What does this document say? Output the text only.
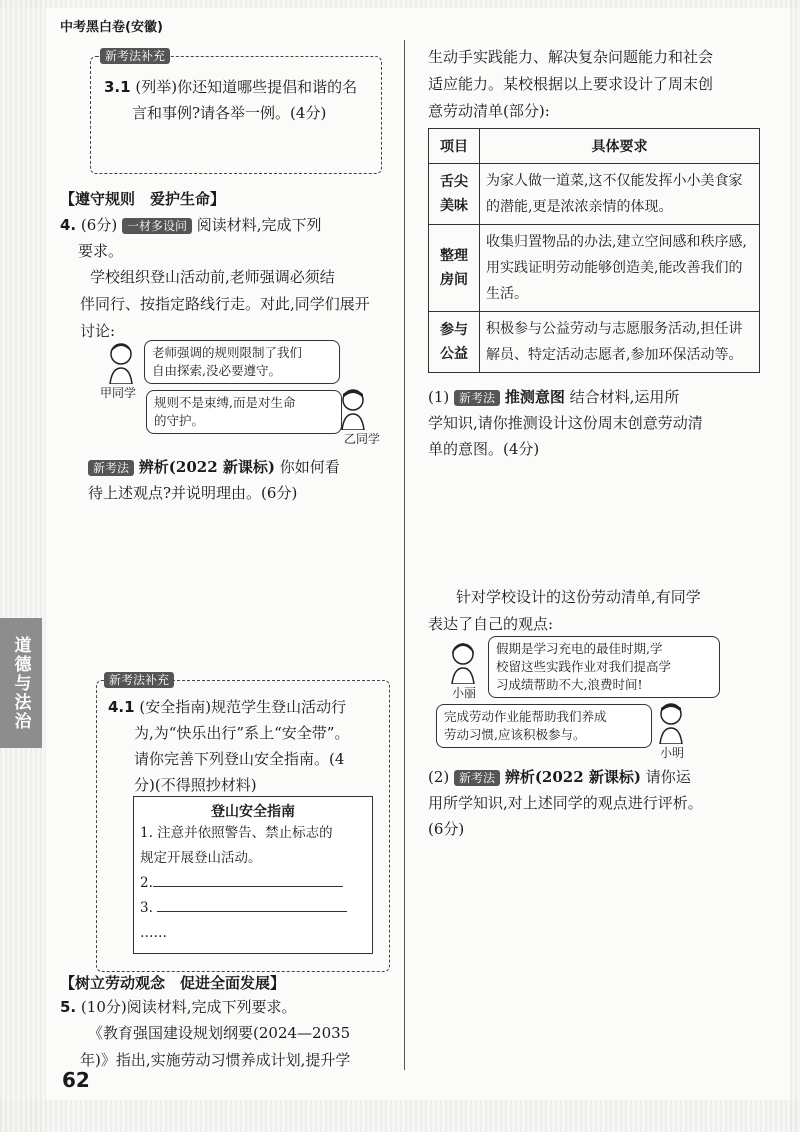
中考黑白卷(安徽)
道德与法治
新考法补充
3.1 (列举)你还知道哪些提倡和谐的名
言和事例?请各举一例。(4分)
【遵守规则　爱护生命】
4. (6分) 一材多设问 阅读材料,完成下列
要求。
学校组织登山活动前,老师强调必须结
伴同行、按指定路线行走。对此,同学们展开
讨论:
甲同学
老师强调的规则限制了我们
自由探索,没必要遵守。
规则不是束缚,而是对生命
的守护。
乙同学
新考法 辨析(2022 新课标) 你如何看
待上述观点?并说明理由。(6分)
新考法补充
4.1 (安全指南)规范学生登山活动行
为,为“快乐出行”系上“安全带”。
请你完善下列登山安全指南。(4
分)(不得照抄材料)
登山安全指南
1. 注意并依照警告、禁止标志的
规定开展登山活动。
2.
3.
……
【树立劳动观念　促进全面发展】
5. (10分)阅读材料,完成下列要求。
《教育强国建设规划纲要(2024—2035
年)》指出,实施劳动习惯养成计划,提升学
62
生动手实践能力、解决复杂问题能力和社会
适应能力。某校根据以上要求设计了周末创
意劳动清单(部分):
项目	具体要求

舌尖
美味	为家人做一道菜,这不仅能发挥小小美食家的潜能,更是浓浓亲情的体现。

整理
房间	收集归置物品的办法,建立空间感和秩序感,用实践证明劳动能够创造美,能改善我们的生活。

参与
公益	积极参与公益劳动与志愿服务活动,担任讲解员、特定活动志愿者,参加环保活动等。
(1) 新考法 推测意图 结合材料,运用所
学知识,请你推测设计这份周末创意劳动清
单的意图。(4分)
针对学校设计的这份劳动清单,有同学
表达了自己的观点:
小丽
假期是学习充电的最佳时期,学
校留这些实践作业对我们提高学
习成绩帮助不大,浪费时间!
完成劳动作业能帮助我们养成
劳动习惯,应该积极参与。
小明
(2) 新考法 辨析(2022 新课标) 请你运
用所学知识,对上述同学的观点进行评析。
(6分)
